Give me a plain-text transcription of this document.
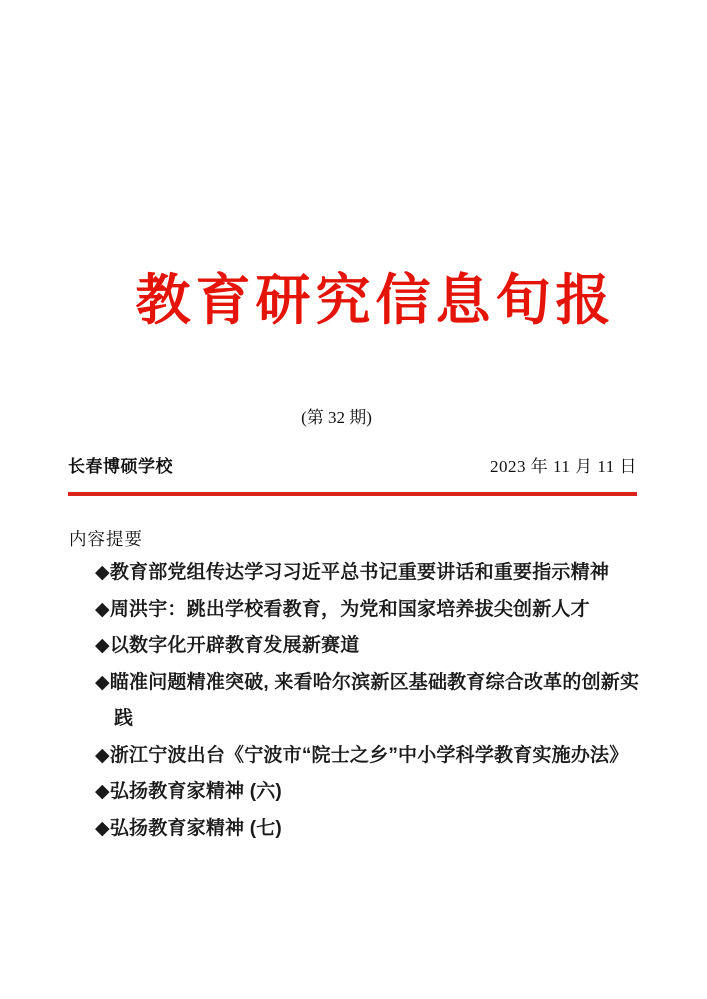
教育研究信息旬报
(第 32 期)
长春博硕学校	2023 年 11 月 11 日
内容提要
◆教育部党组传达学习习近平总书记重要讲话和重要指示精神
◆周洪宇：跳出学校看教育，为党和国家培养拔尖创新人才
◆以数字化开辟教育发展新赛道
◆瞄准问题精准突破, 来看哈尔滨新区基础教育综合改革的创新实践
◆浙江宁波出台《宁波市“院士之乡”中小学科学教育实施办法》
◆弘扬教育家精神 (六)
◆弘扬教育家精神 (七)
